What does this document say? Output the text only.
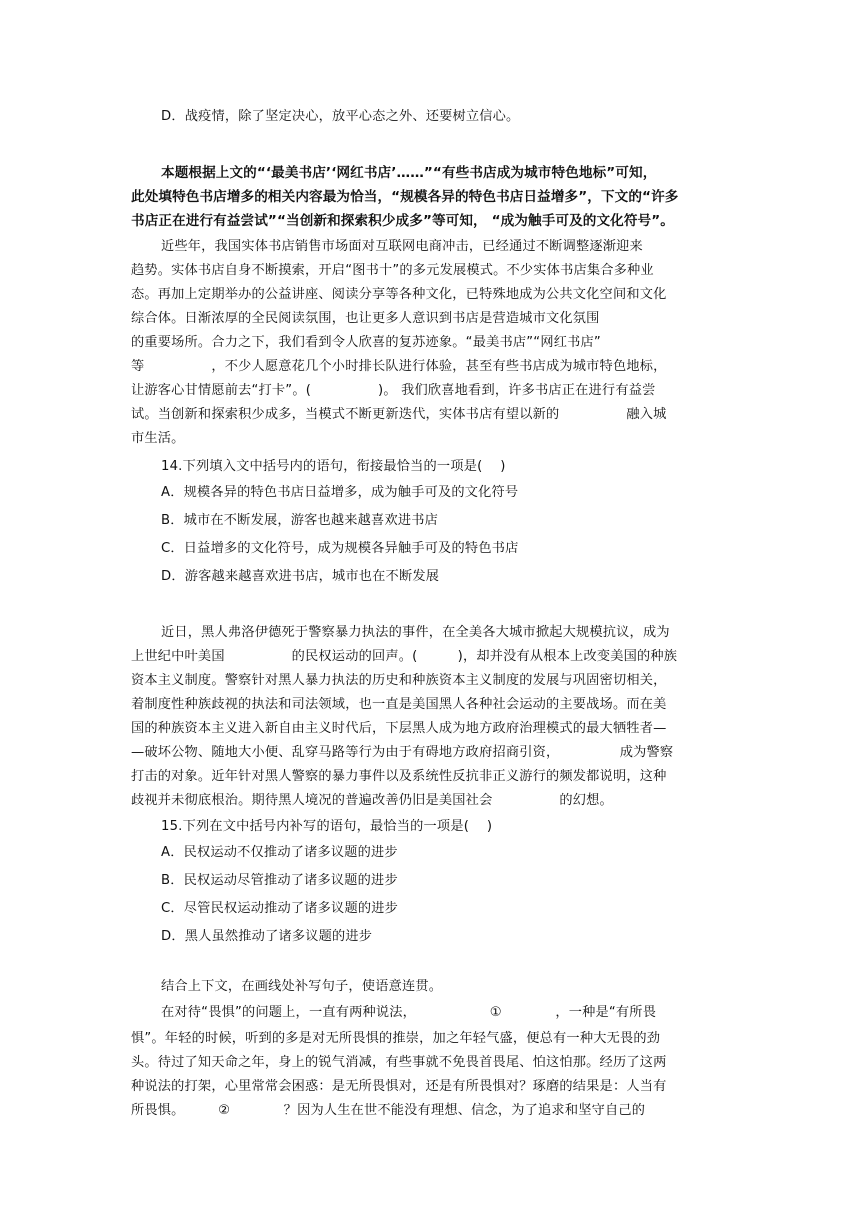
D．战疫情，除了坚定决心，放平心态之外、还要树立信心。
本题根据上文的“‘最美书店’‘网红书店’……”“有些书店成为城市特色地标”可知，
此处填特色书店增多的相关内容最为恰当，“规模各异的特色书店日益增多”，下文的“许多
书店正在进行有益尝试”“当创新和探索积少成多”等可知， “成为触手可及的文化符号”。
近些年，我国实体书店销售市场面对互联网电商冲击，已经通过不断调整逐渐迎来
趋势。实体书店自身不断摸索，开启“图书十”的多元发展模式。不少实体书店集合多种业
态。再加上定期举办的公益讲座、阅读分享等各种文化，已特殊地成为公共文化空间和文化
综合体。日渐浓厚的全民阅读氛围，也让更多人意识到书店是营造城市文化氛围
的重要场所。合力之下，我们看到令人欣喜的复苏迹象。“最美书店”“网红书店”
等　　　　　，不少人愿意花几个小时排长队进行体验，甚至有些书店成为城市特色地标，
让游客心甘情愿前去“打卡”。(　　　　　)。 我们欣喜地看到，许多书店正在进行有益尝
试。当创新和探索积少成多，当模式不断更新迭代，实体书店有望以新的　　　　　融入城
市生活。
14.下列填入文中括号内的语句，衔接最恰当的一项是(　 )
A．规模各异的特色书店日益增多，成为触手可及的文化符号
B．城市在不断发展，游客也越来越喜欢进书店
C．日益增多的文化符号，成为规模各异触手可及的特色书店
D．游客越来越喜欢进书店，城市也在不断发展
近日，黑人弗洛伊德死于警察暴力执法的事件，在全美各大城市掀起大规模抗议，成为
上世纪中叶美国　　　　　的民权运动的回声。(　　　)，却并没有从根本上改变美国的种族
资本主义制度。警察针对黑人暴力执法的历史和种族资本主义制度的发展与巩固密切相关，
着制度性种族歧视的执法和司法领域，也一直是美国黑人各种社会运动的主要战场。而在美
国的种族资本主义进入新自由主义时代后，下层黑人成为地方政府治理模式的最大牺牲者—
—破坏公物、随地大小便、乱穿马路等行为由于有碍地方政府招商引资，　　　　　成为警察
打击的对象。近年针对黑人警察的暴力事件以及系统性反抗非正义游行的频发都说明，这种
歧视并未彻底根治。期待黑人境况的普遍改善仍旧是美国社会　　　　　的幻想。
15.下列在文中括号内补写的语句，最恰当的一项是(　 )
A．民权运动不仅推动了诸多议题的进步
B．民权运动尽管推动了诸多议题的进步
C．尽管民权运动推动了诸多议题的进步
D．黑人虽然推动了诸多议题的进步
结合上下文，在画线处补写句子，使语意连贯。
在对待“畏惧”的问题上，一直有两种说法，　　　　　　①　　　　，一种是“有所畏
惧”。年轻的时候，听到的多是对无所畏惧的推崇，加之年轻气盛，便总有一种大无畏的劲
头。待过了知天命之年，身上的锐气消减，有些事就不免畏首畏尾、怕这怕那。经历了这两
种说法的打架，心里常常会困惑：是无所畏惧对，还是有所畏惧对？琢磨的结果是：人当有
所畏惧。　　　②　　　　？因为人生在世不能没有理想、信念，为了追求和坚守自己的
